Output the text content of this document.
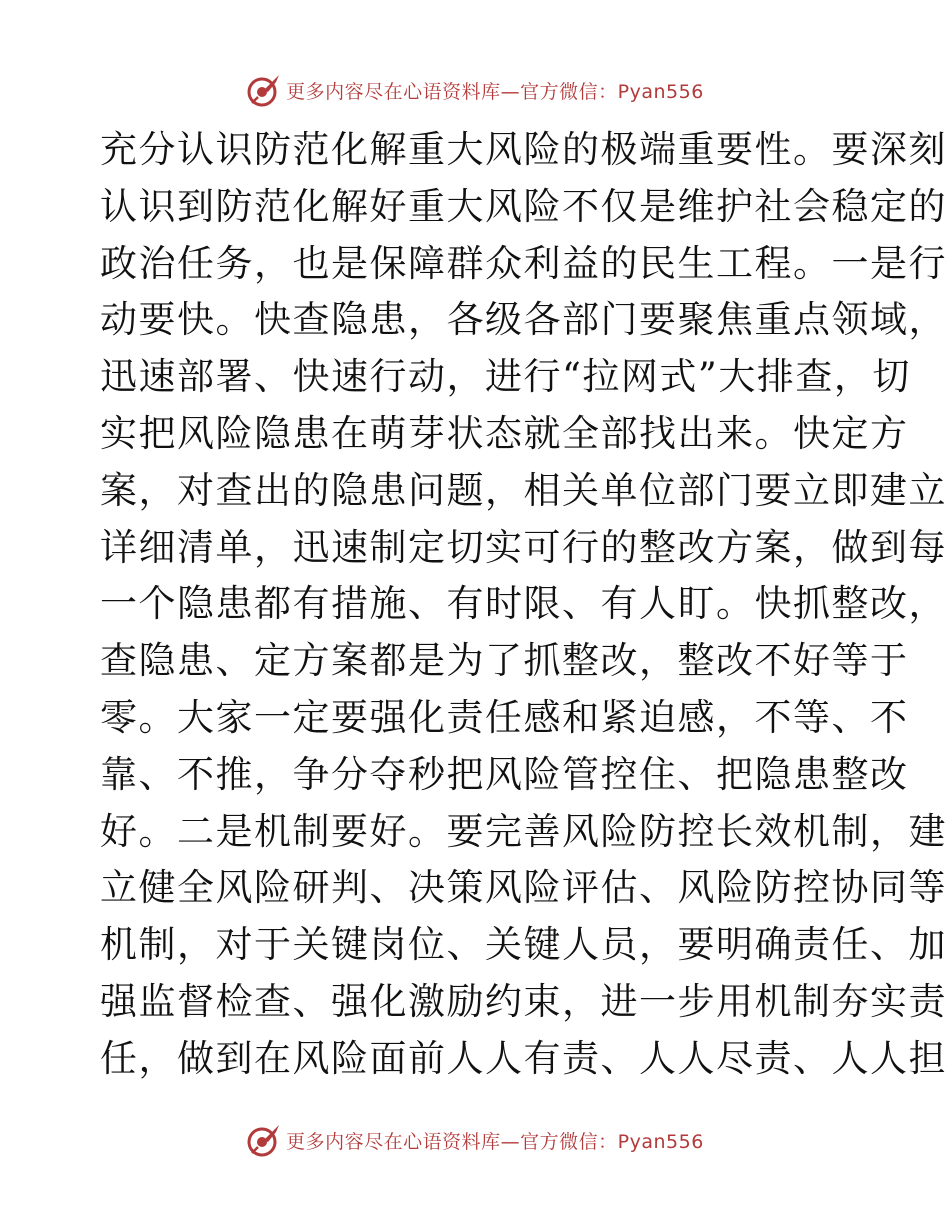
更多内容尽在心语资料库—官方微信：Pyan556
充分认识防范化解重大风险的极端重要性。要深刻
认识到防范化解好重大风险不仅是维护社会稳定的
政治任务，也是保障群众利益的民生工程。一是行
动要快。快查隐患，各级各部门要聚焦重点领域，
迅速部署、快速行动，进行“拉网式”大排查，切
实把风险隐患在萌芽状态就全部找出来。快定方
案，对查出的隐患问题，相关单位部门要立即建立
详细清单，迅速制定切实可行的整改方案，做到每
一个隐患都有措施、有时限、有人盯。快抓整改，
查隐患、定方案都是为了抓整改，整改不好等于
零。大家一定要强化责任感和紧迫感，不等、不
靠、不推，争分夺秒把风险管控住、把隐患整改
好。二是机制要好。要完善风险防控长效机制，建
立健全风险研判、决策风险评估、风险防控协同等
机制，对于关键岗位、关键人员，要明确责任、加
强监督检查、强化激励约束，进一步用机制夯实责
任，做到在风险面前人人有责、人人尽责、人人担
更多内容尽在心语资料库—官方微信：Pyan556
